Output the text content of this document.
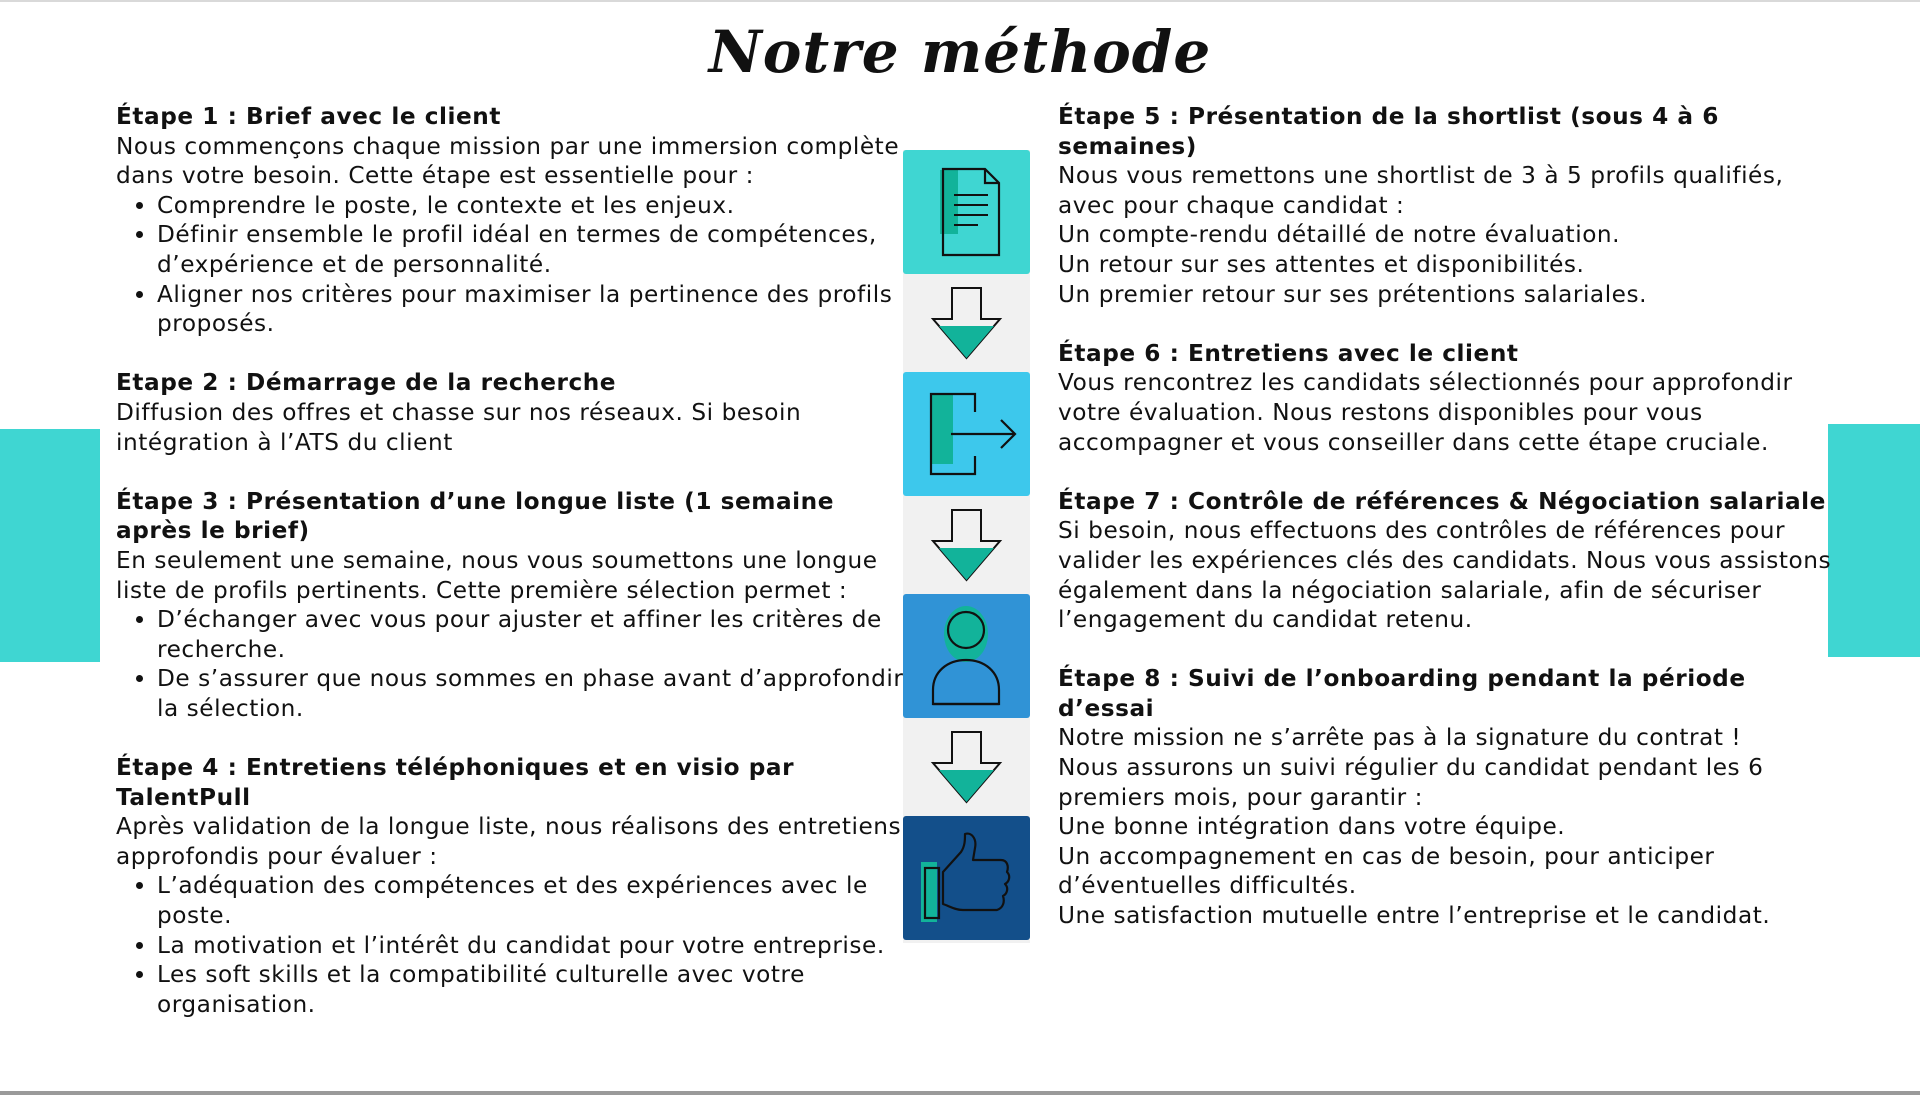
Notre méthode
Étape 1 : Brief avec le client

Nous commençons chaque mission par une immersion complète dans votre besoin. Cette étape est essentielle pour :

• Comprendre le poste, le contexte et les enjeux.
• Définir ensemble le profil idéal en termes de compétences, d’expérience et de personnalité.
• Aligner nos critères pour maximiser la pertinence des profils proposés.
Etape 2 : Démarrage de la recherche

Diffusion des offres et chasse sur nos réseaux. Si besoin intégration à l’ATS du client

Étape 3 : Présentation d’une longue liste (1 semaine après le brief)

En seulement une semaine, nous vous soumettons une longue liste de profils pertinents. Cette première sélection permet :

• D’échanger avec vous pour ajuster et affiner les critères de recherche.
• De s’assurer que nous sommes en phase avant d’approfondir la sélection.
Étape 4 : Entretiens téléphoniques et en visio par TalentPull

Après validation de la longue liste, nous réalisons des entretiens approfondis pour évaluer :

• L’adéquation des compétences et des expériences avec le poste.
• La motivation et l’intérêt du candidat pour votre entreprise.
• Les soft skills et la compatibilité culturelle avec votre organisation.
Étape 5 : Présentation de la shortlist (sous 4 à 6 semaines)

Nous vous remettons une shortlist de 3 à 5 profils qualifiés, avec pour chaque candidat :

Un compte-rendu détaillé de notre évaluation.

Un retour sur ses attentes et disponibilités.

Un premier retour sur ses prétentions salariales.

Étape 6 : Entretiens avec le client

Vous rencontrez les candidats sélectionnés pour approfondir votre évaluation. Nous restons disponibles pour vous accompagner et vous conseiller dans cette étape cruciale.

Étape 7 : Contrôle de références & Négociation salariale

Si besoin, nous effectuons des contrôles de références pour valider les expériences clés des candidats. Nous vous assistons également dans la négociation salariale, afin de sécuriser l’engagement du candidat retenu.

Étape 8 : Suivi de l’onboarding pendant la période d’essai

Notre mission ne s’arrête pas à la signature du contrat !

Nous assurons un suivi régulier du candidat pendant les 6 premiers mois, pour garantir :

Une bonne intégration dans votre équipe.

Un accompagnement en cas de besoin, pour anticiper d’éventuelles difficultés.

Une satisfaction mutuelle entre l’entreprise et le candidat.
